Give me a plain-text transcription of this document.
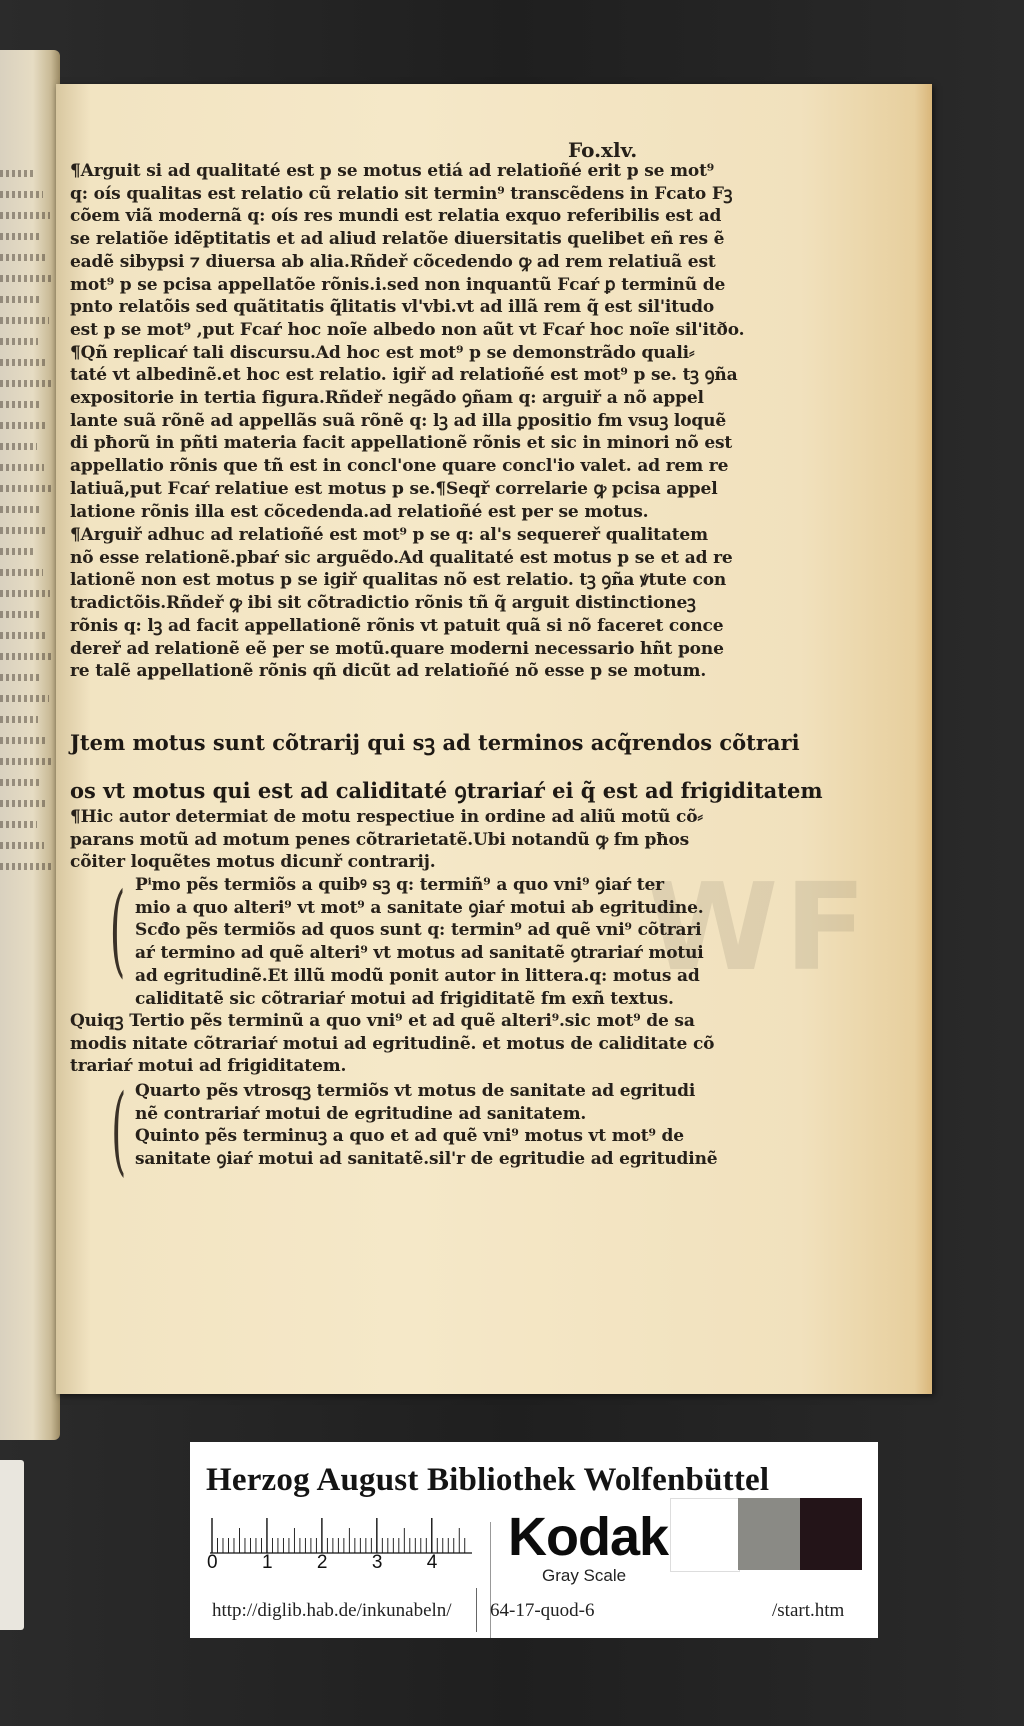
WF
Fo.xlv.

¶Arguit si ad qualitaté est p se motus etiá ad relatioñé erit p se mot⁹

q: oís qualitas est relatio cũ relatio sit termin⁹ transcẽdens in Fcato Fꝫ

cõem viã modernã q: oís res mundi est relatia exquo referibilis est ad

se relatiõe idẽptitatis et ad aliud relatõe diuersitatis quelibet eñ res ẽ

eadẽ sibypsi ⁊ diuersa ab alia.Rñdeř cõcedendo ꝙ ad rem relatiuã est

mot⁹ p se pcisa appellatõe rõnis.i.sed non inquantũ Fcaŕ ꝑ terminũ de

pnto relatõis sed quãtitatis q̃litatis vl'vbi.vt ad illã rem q̃ est sil'itudo

est p se mot⁹ ,put Fcaŕ hoc noĩe albedo non aũt vt Fcaŕ hoc noĩe sil'itðo.

¶Qñ replicaŕ tali discursu.Ad hoc est mot⁹ p se demonstrãdo quali⸗

taté vt albedinẽ.et hoc est relatio. igiř ad relatioñé est mot⁹ p se. tꝫ ꝯña

expositorie in tertia figura.Rñdeř negãdo ꝯñam q: arguiř a nõ appel

lante suã rõnẽ ad appellãs suã rõnẽ q: lꝫ ad illa ꝑpositio fm vsuꝫ loquẽ

di pħorũ in pñti materia facit appellationẽ rõnis et sic in minori nõ est

appellatio rõnis que tñ est in concl'one quare concl'io valet. ad rem re

latiuã,put Fcaŕ relatiue est motus p se.¶Seqř correlarie ꝙ pcisa appel

latione rõnis illa est cõcedenda.ad relatioñé est per se motus.

¶Arguiř adhuc ad relatioñé est mot⁹ p se q: al's sequereř qualitatem

nõ esse relationẽ.pbaŕ sic arguẽdo.Ad qualitaté est motus p se et ad re

lationẽ non est motus p se igiř qualitas nõ est relatio. tꝫ ꝯña ꝟtute con

tradictõis.Rñdeř ꝙ ibi sit cõtradictio rõnis tñ q̃ arguit distinctioneꝫ

rõnis q: lꝫ ad facit appellationẽ rõnis vt patuit quã si nõ faceret conce

dereř ad relationẽ eẽ per se motũ.quare moderni necessario hñt pone

re talẽ appellationẽ rõnis qñ dicũt ad relatioñé nõ esse p se motum.

Jtem motus sunt cõtrarij qui sꝫ ad terminos acq̃rendos cõtrari
os vt motus qui est ad caliditaté ꝯtrariaŕ ei q̃ est ad frigiditatem

¶Hic autor determiat de motu respectiue in ordine ad aliũ motũ cõ⸗

parans motũ ad motum penes cõtrarietatẽ.Ubi notandũ ꝙ fm pħos

cõiter loquẽtes motus dicunř contrarij.

( Pⁱmo pẽs termiõs a quibꝰ sꝫ q: termiñ⁹ a quo vni⁹ ꝯiaŕ ter

mio a quo alteri⁹ vt mot⁹ a sanitate ꝯiaŕ motui ab egritudine.

Scđo pẽs termiõs ad quos sunt q: termin⁹ ad quẽ vni⁹ cõtrari

aŕ termino ad quẽ alteri⁹ vt motus ad sanitatẽ ꝯtrariaŕ motui

ad egritudinẽ.Et illũ modũ ponit autor in littera.q: motus ad

caliditatẽ sic cõtrariaŕ motui ad frigiditatẽ fm exñ textus.

Quiqꝫ Tertio pẽs terminũ a quo vni⁹ et ad quẽ alteri⁹.sic mot⁹ de sa

modis nitate cõtrariaŕ motui ad egritudinẽ. et motus de caliditate cõ

trariaŕ motui ad frigiditatem.

( Quarto pẽs vtrosqꝫ termiõs vt motus de sanitate ad egritudi

nẽ contrariaŕ motui de egritudine ad sanitatem.

Quinto pẽs terminuꝫ a quo et ad quẽ vni⁹ motus vt mot⁹ de

sanitate ꝯiaŕ motui ad sanitatẽ.sil'r de egritudie ad egritudinẽ

Herzog August Bibliothek Wolfenbüttel
0 1 2 3 4 Kodak
Gray Scale
http://diglib.hab.de/inkunabeln/ 64-17-quod-6	/start.htm
